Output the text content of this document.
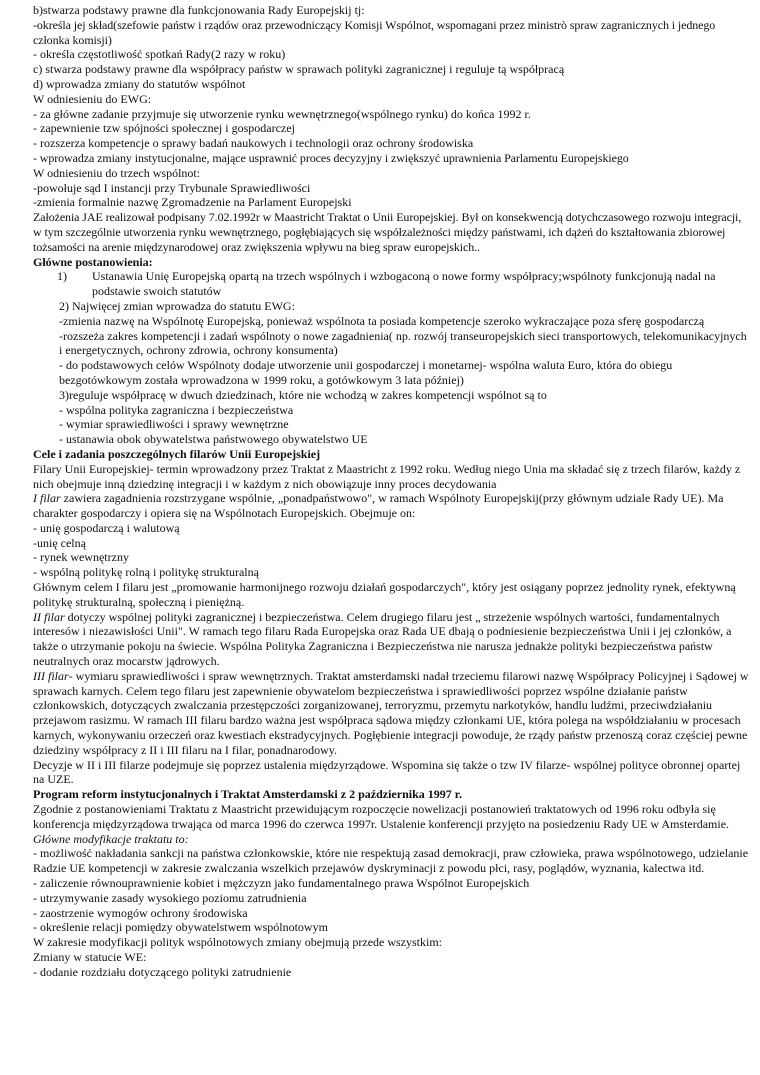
b)stwarza podstawy prawne dla funkcjonowania Rady Europejskij tj:

-określa jej skład(szefowie państw i rządów oraz przewodniczący Komisji Wspólnot, wspomagani przez ministrò spraw zagranicznych i jednego członka komisji)

- określa częstotliwość spotkań Rady(2 razy w roku)

c) stwarza podstawy prawne dla współpracy państw w sprawach polityki zagranicznej i reguluje tą współpracą

d) wprowadza zmiany do statutów wspólnot

W odniesieniu do EWG:

- za główne zadanie przyjmuje się utworzenie rynku wewnętrznego(wspólnego rynku) do końca 1992 r.

- zapewnienie tzw spójności społecznej i gospodarczej

- rozszerza kompetencje o sprawy badań naukowych i technologii oraz ochrony środowiska

- wprowadza zmiany instytucjonalne, mające usprawnić proces decyzyjny i zwiększyć uprawnienia Parlamentu Europejskiego

W odniesieniu do trzech wspólnot:

-powołuje sąd I instancji przy Trybunale Sprawiedliwości

-zmienia formalnie nazwę Zgromadzenie na Parlament Europejski

Założenia JAE realizował podpisany 7.02.1992r w Maastricht Traktat o Unii Europejskiej. Był on konsekwencją dotychczasowego rozwoju integracji, w tym szczególnie utworzenia rynku wewnętrznego, pogłębiających się współzależności między państwami, ich dążeń do kształtowania zbiorowej tożsamości na arenie międzynarodowej oraz zwiększenia wpływu na bieg spraw europejskich..

Główne postanowienia:

1)	Ustanawia Unię Europejską opartą na trzech wspólnych i wzbogaconą o nowe formy współpracy;wspólnoty funkcjonują nadal na podstawie swoich statutów

2) Najwięcej zmian wprowadza do statutu EWG:

-zmienia nazwę na Wspólnotę Europejską, ponieważ wspólnota ta posiada kompetencje szeroko wykraczające poza sferę gospodarczą

-rozszeża zakres kompetencji i zadań wspólnoty o nowe zagadnienia( np. rozwój transeuropejskich sieci transportowych, telekomunikacyjnych i energetycznych, ochrony zdrowia, ochrony konsumenta)

- do podstawowych celów Wspólnoty dodaje utworzenie unii gospodarczej i monetarnej- wspólna waluta Euro, która do obiegu bezgotówkowym została wprowadzona w 1999 roku, a gotówkowym 3 lata później)

3)reguluje współpracę w dwuch dziedzinach, które nie wchodzą w zakres kompetencji wspólnot są to

- wspólna polityka zagraniczna i bezpieczeństwa

- wymiar sprawiedliwości i sprawy wewnętrzne

- ustanawia obok obywatelstwa państwowego obywatelstwo UE

Cele i zadania poszczególnych filarów Unii Europejskiej

Filary Unii Europejskiej- termin wprowadzony przez Traktat z Maastricht z 1992 roku. Według niego Unia ma składać się z trzech filarów, każdy z nich obejmuje inną dziedzinę integracji i w każdym z nich obowiązuje inny proces decydowania

I filar zawiera zagadnienia rozstrzygane wspólnie, „ponadpaństwowo", w ramach Wspólnoty Europejskij(przy głównym udziale Rady UE). Ma charakter gospodarczy i opiera się na Wspólnotach Europejskich. Obejmuje on:

- unię gospodarczą i walutową

-unię celną

- rynek wewnętrzny

- wspólną politykę rolną i politykę strukturalną

Głównym celem I filaru jest „promowanie harmonijnego rozwoju działań gospodarczych", który jest osiągany poprzez jednolity rynek, efektywną politykę strukturalną, społeczną i pieniężną.

II filar dotyczy wspólnej polityki zagranicznej i bezpieczeństwa. Celem drugiego filaru jest „ strzeżenie wspólnych wartości, fundamentalnych interesów i niezawisłości Unii". W ramach tego filaru Rada Europejska oraz Rada UE dbają o podniesienie bezpieczeństwa Unii i jej członków, a także o utrzymanie pokoju na świecie. Wspólna Polityka Zagraniczna i Bezpieczeństwa nie narusza jednakże polityki bezpieczeństwa państw neutralnych oraz mocarstw jądrowych.

III filar- wymiaru sprawiedliwości i spraw wewnętrznych. Traktat amsterdamski nadał trzeciemu filarowi nazwę Współpracy Policyjnej i Sądowej w sprawach karnych. Celem tego filaru jest zapewnienie obywatelom bezpieczeństwa i sprawiedliwości poprzez wspólne działanie państw członkowskich, dotyczących zwalczania przestępczości zorganizowanej, terroryzmu, przemytu narkotyków, handlu ludźmi, przeciwdziałaniu przejawom rasizmu. W ramach III filaru bardzo ważna jest współpraca sądowa między członkami UE, która polega na współdziałaniu w procesach karnych, wykonywaniu orzeczeń oraz kwestiach ekstradycyjnych. Pogłębienie integracji powoduje, że rządy państw przenoszą coraz częściej pewne dziedziny współpracy z II i III filaru na I filar, ponadnarodowy.

Decyzje w II i III filarze podejmuje się poprzez ustalenia międzyrządowe. Wspomina się także o tzw IV filarze- wspólnej polityce obronnej opartej na UZE.

Program reform instytucjonalnych i Traktat Amsterdamski z 2 października 1997 r.

Zgodnie z postanowieniami Traktatu z Maastricht przewidującym rozpoczęcie nowelizacji postanowień traktatowych od 1996 roku odbyła się konferencja międzyrządowa trwająca od marca 1996 do czerwca 1997r. Ustalenie konferencji przyjęto na posiedzeniu Rady UE w Amsterdamie.

Główne modyfikacje traktatu to:

- możliwość nakładania sankcji na państwa członkowskie, które nie respektują zasad demokracji, praw człowieka, prawa wspólnotowego, udzielanie Radzie UE kompetencji w zakresie zwalczania wszelkich przejawów dyskryminacji z powodu płci, rasy, poglądów, wyznania, kalectwa itd.

- zaliczenie równouprawnienie kobiet i mężczyzn jako fundamentalnego prawa Wspólnot Europejskich

- utrzymywanie zasady wysokiego poziomu zatrudnienia

- zaostrzenie wymogów ochrony środowiska

- określenie relacji pomiędzy obywatelstwem wspólnotowym

W zakresie modyfikacji polityk wspólnotowych zmiany obejmują przede wszystkim:

Zmiany w statucie WE:

- dodanie rozdziału dotyczącego polityki zatrudnienie
